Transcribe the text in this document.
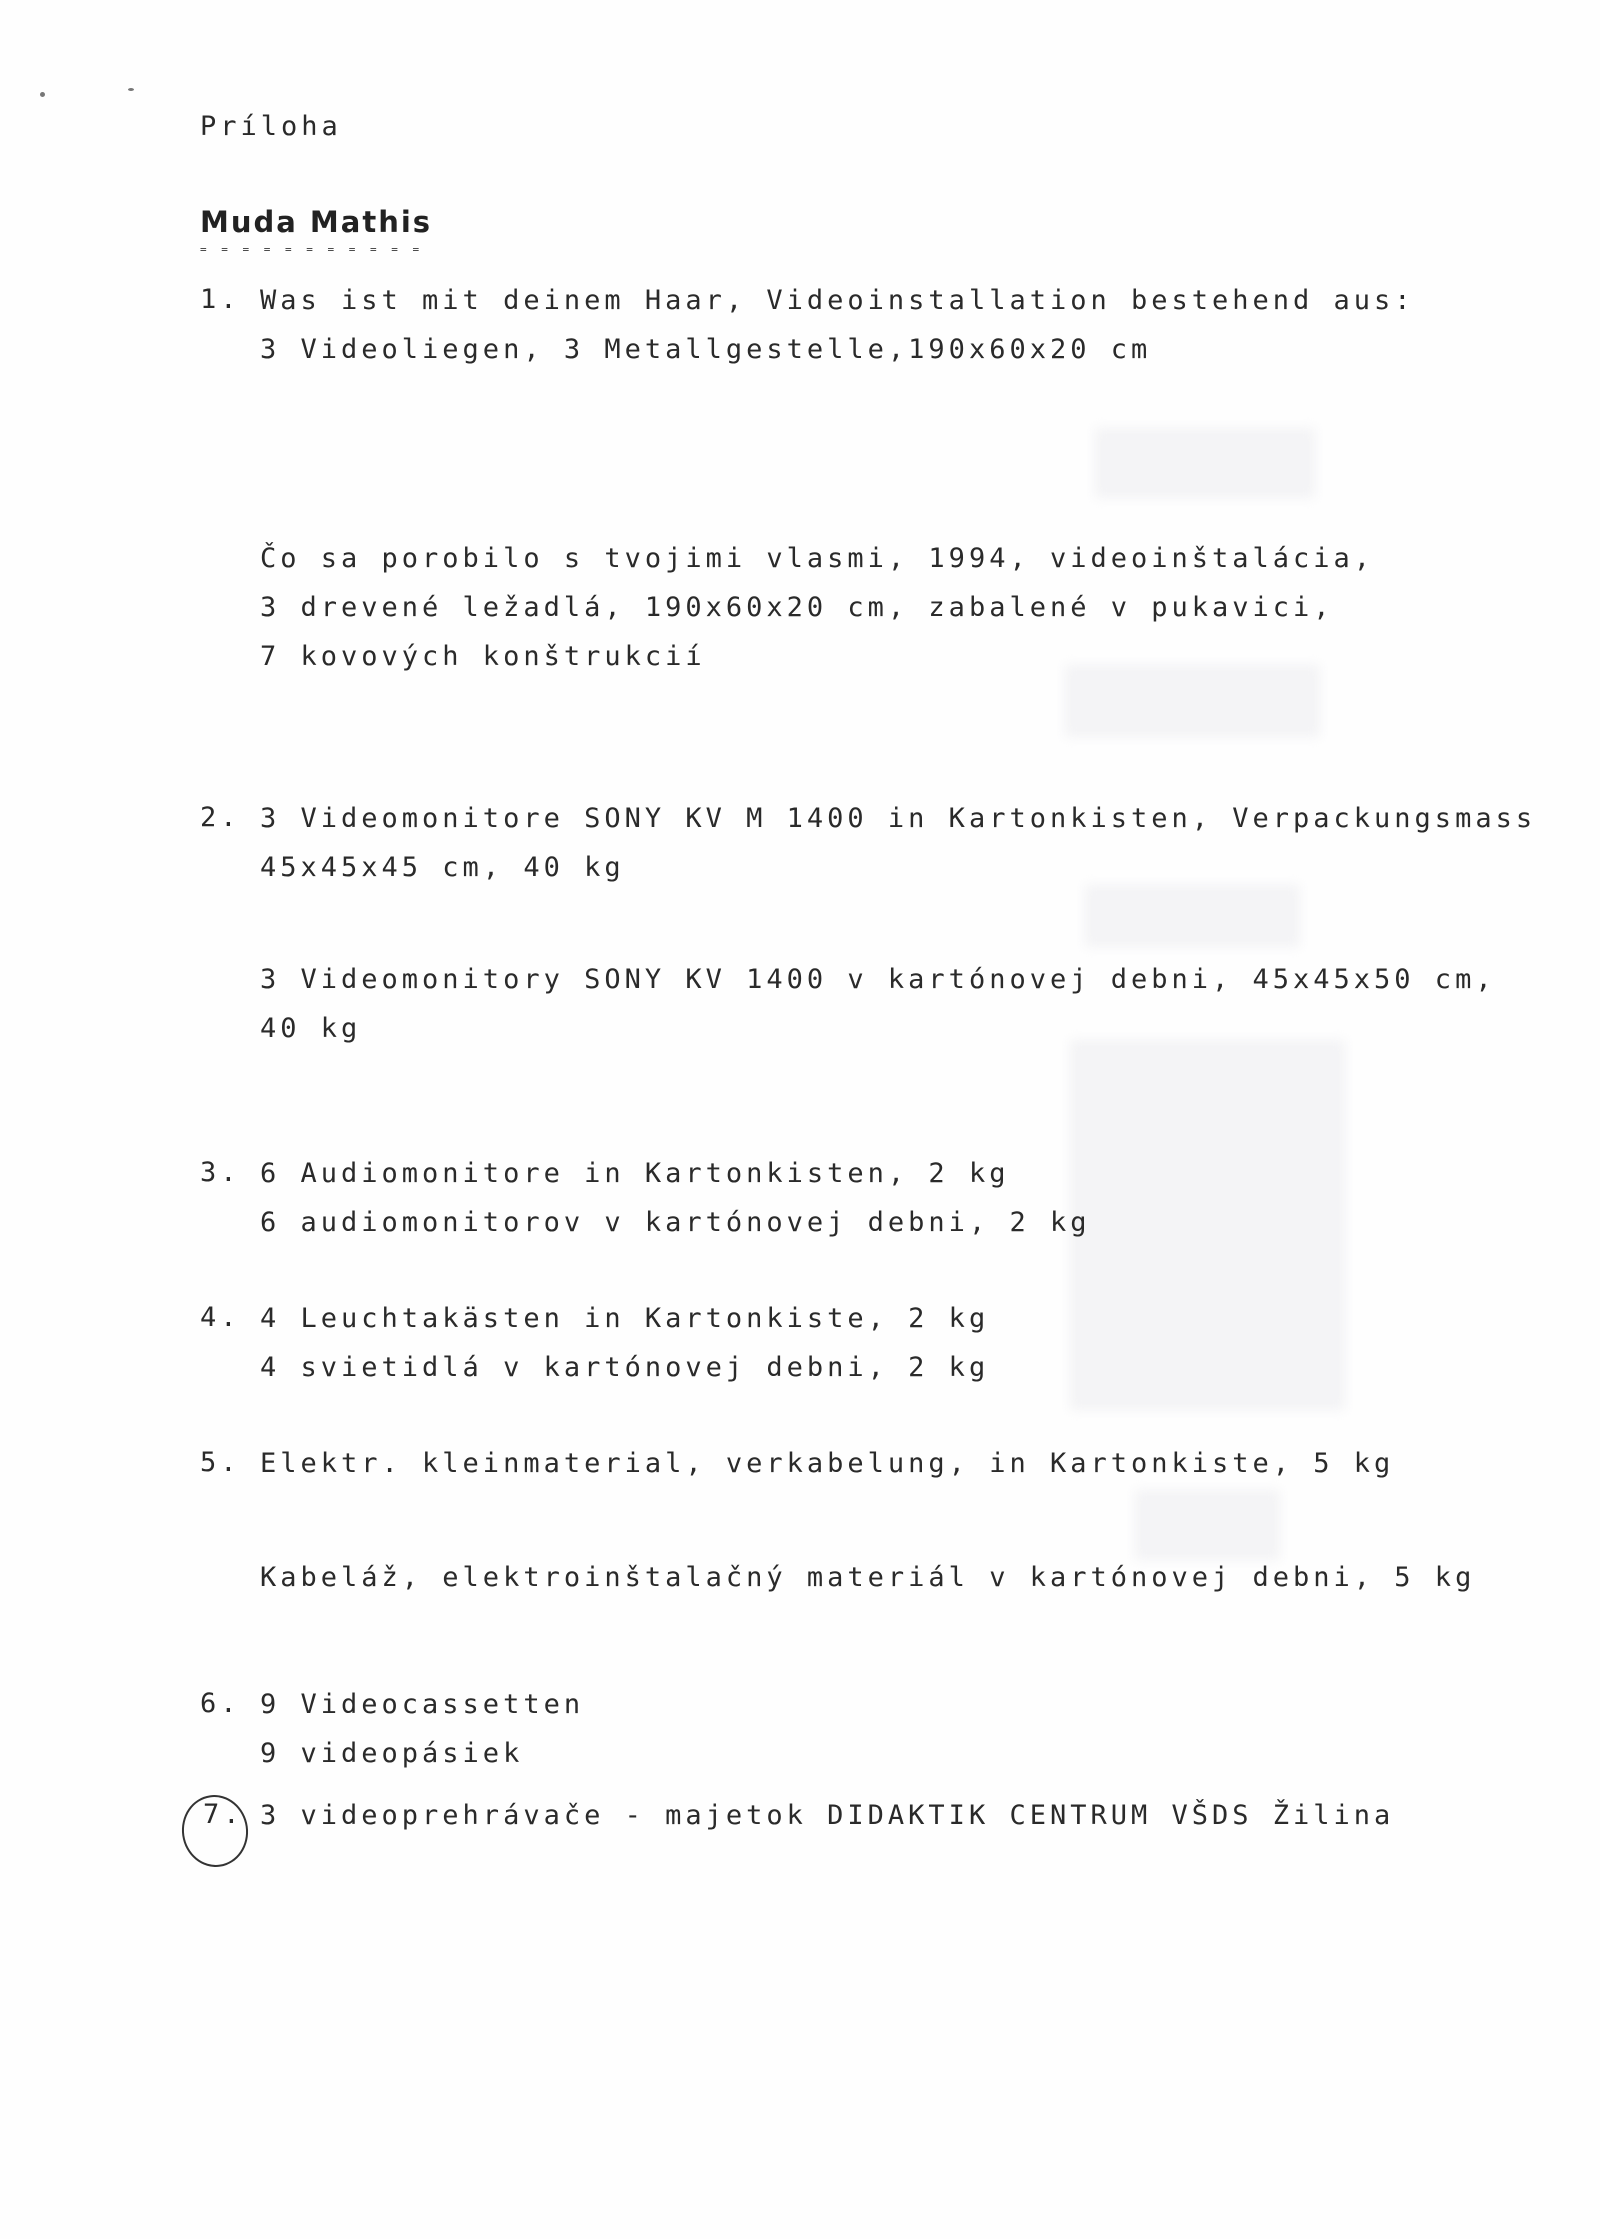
Príloha
Muda Mathis
= = = = = = = = = = =
1. Was ist mit deinem Haar, Videoinstallation bestehend aus:
3 Videoliegen, 3 Metallgestelle,190x60x20 cm
Čo sa porobilo s tvojimi vlasmi, 1994, videoinštalácia,
3 drevené ležadlá, 190x60x20 cm, zabalené v pukavici,
7 kovových konštrukcií
2. 3 Videomonitore SONY KV M 1400 in Kartonkisten, Verpackungsmass
45x45x45 cm, 40 kg
3 Videomonitory SONY KV 1400 v kartónovej debni, 45x45x50 cm,
40 kg
3. 6 Audiomonitore in Kartonkisten, 2 kg
6 audiomonitorov v kartónovej debni, 2 kg
4. 4 Leuchtakästen in Kartonkiste, 2 kg
4 svietidlá v kartónovej debni, 2 kg
5. Elektr. kleinmaterial, verkabelung, in Kartonkiste, 5 kg
Kabeláž, elektroinštalačný materiál v kartónovej debni, 5 kg
6. 9 Videocassetten
9 videopásiek
7. 3 videoprehrávače - majetok DIDAKTIK CENTRUM VŠDS Žilina
